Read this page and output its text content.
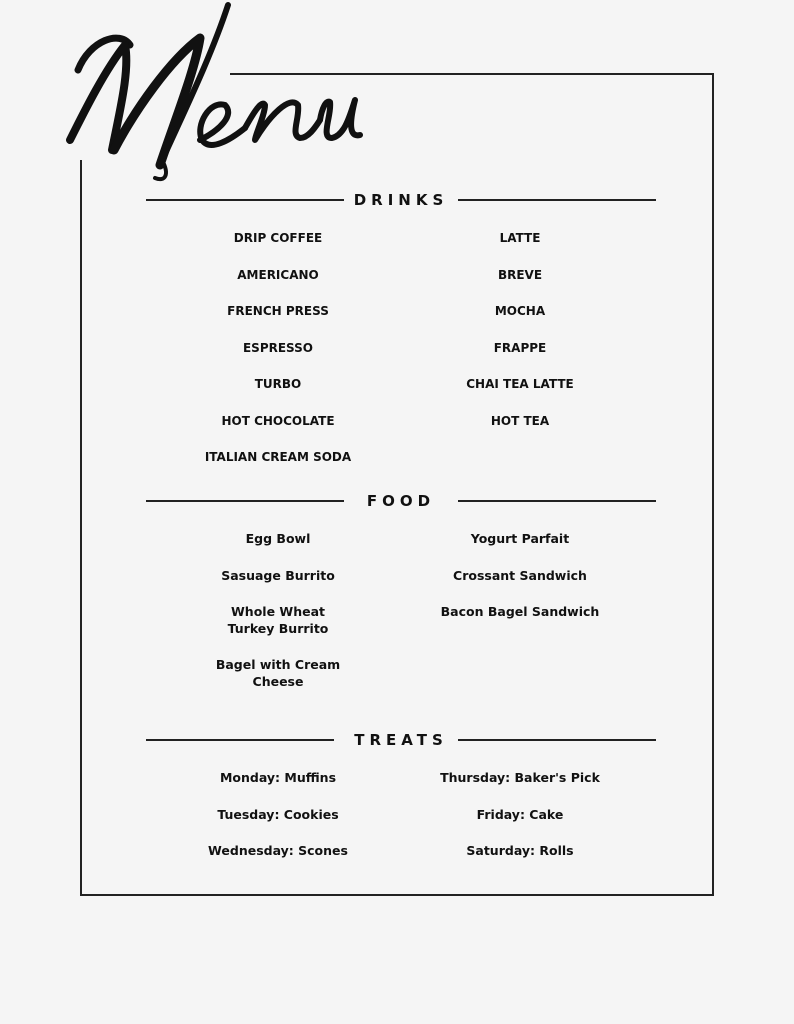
DRINKS
DRIP COFFEE
AMERICANO
FRENCH PRESS
ESPRESSO
TURBO
HOT CHOCOLATE
ITALIAN CREAM SODA
LATTE
BREVE
MOCHA
FRAPPE
CHAI TEA LATTE
HOT TEA
FOOD
Egg Bowl
Sasuage Burrito
Whole Wheat
Turkey Burrito
Bagel with Cream
Cheese
Yogurt Parfait
Crossant Sandwich
Bacon Bagel Sandwich
TREATS
Monday: Muffins
Tuesday: Cookies
Wednesday: Scones
Thursday: Baker's Pick
Friday: Cake
Saturday: Rolls
